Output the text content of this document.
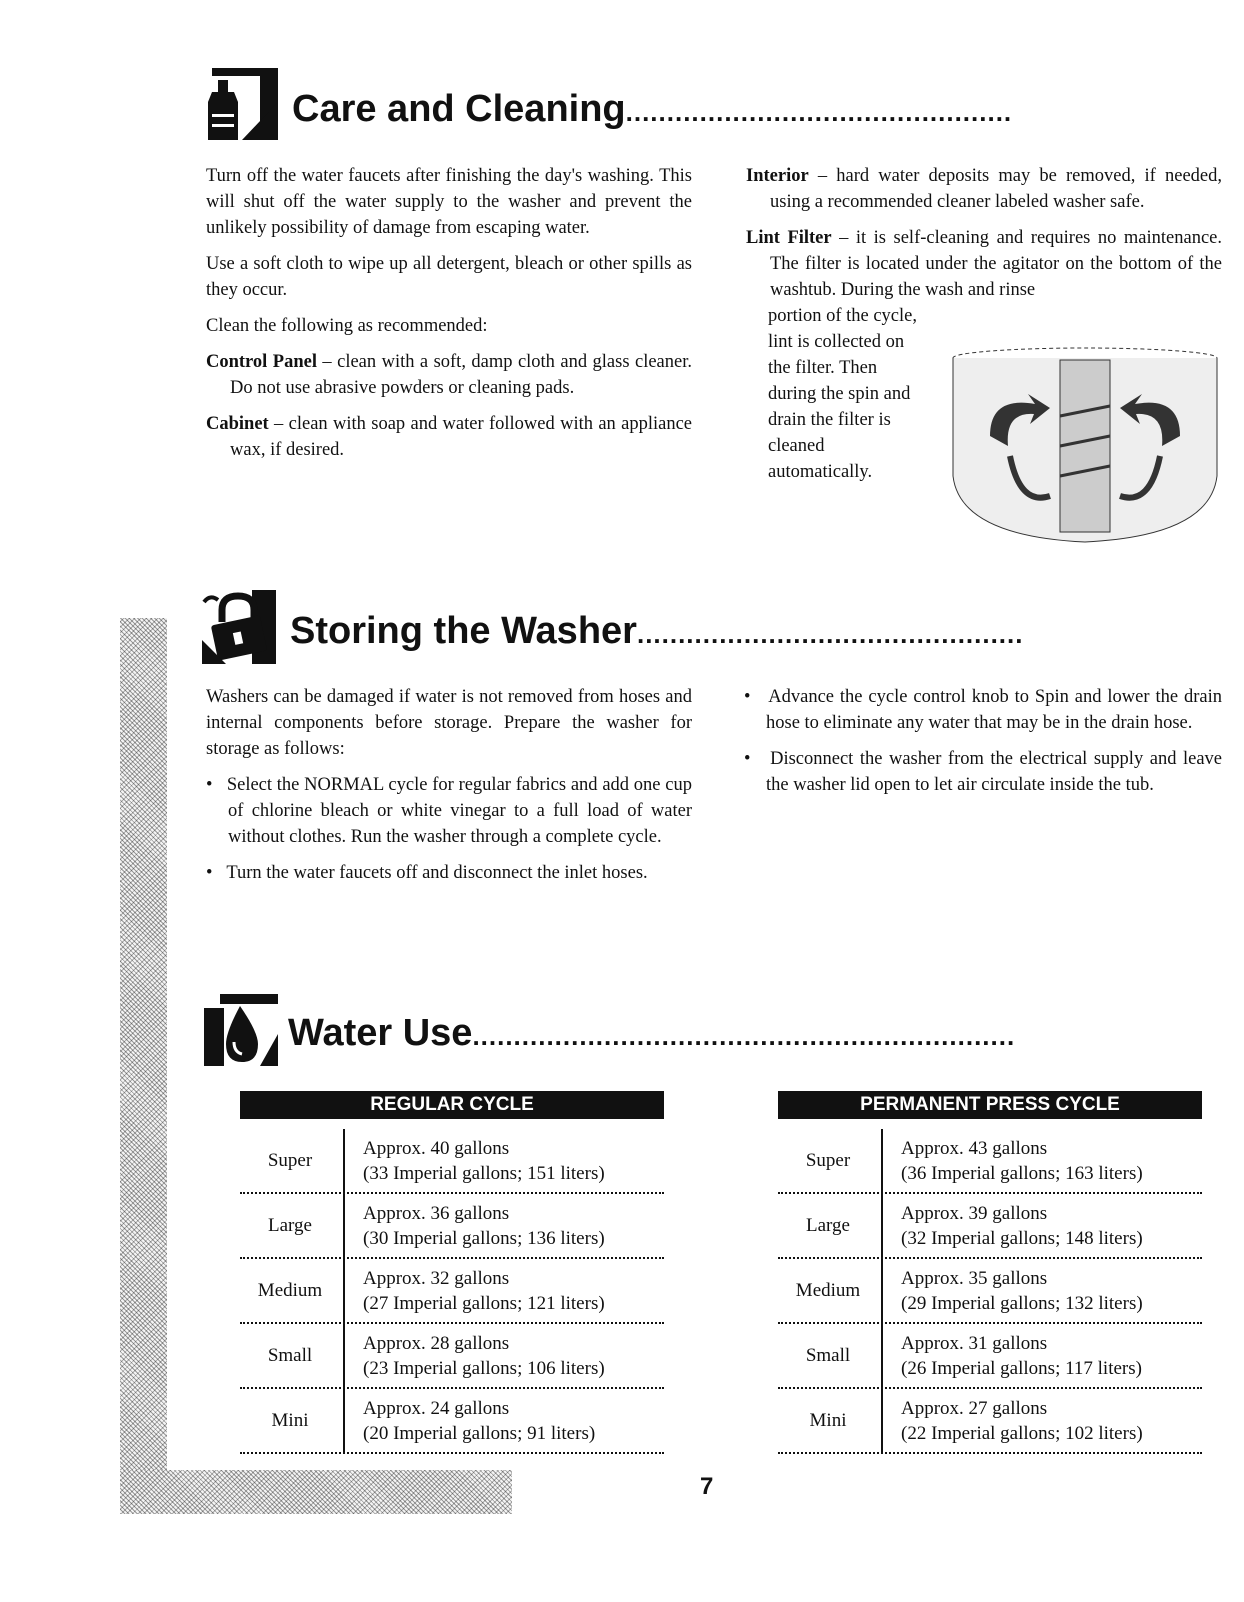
Care and Cleaning...............................................

Turn off the water faucets after finishing the day's washing. This will shut off the water supply to the washer and prevent the unlikely possibility of damage from escaping water.

Use a soft cloth to wipe up all detergent, bleach or other spills as they occur.

Clean the following as recommended:

Control Panel – clean with a soft, damp cloth and glass cleaner. Do not use abrasive powders or cleaning pads.

Cabinet – clean with soap and water followed with an appliance wax, if desired.

Interior – hard water deposits may be removed, if needed, using a recommended cleaner labeled washer safe.

Lint Filter – it is self-cleaning and requires no maintenance. The filter is located under the agitator on the bottom of the washtub. During the wash and rinse

portion of the cycle, lint is collected on the filter. Then during the spin and drain the filter is cleaned automatically.

Storing the Washer...............................................

Washers can be damaged if water is not removed from hoses and internal components before storage. Prepare the washer for storage as follows:

•   Select the NORMAL cycle for regular fabrics and add one cup of chlorine bleach or white vinegar to a full load of water without clothes. Run the washer through a complete cycle.

•   Turn the water faucets off and disconnect the inlet hoses.

•   Advance the cycle control knob to Spin and lower the drain hose to eliminate any water that may be in the drain hose.

•   Disconnect the washer from the electrical supply and leave the washer lid open to let air circulate inside the tub.

Water Use..................................................................
REGULAR CYCLE
Super
Approx. 40 gallons
(33 Imperial gallons; 151 liters)
Large
Approx. 36 gallons
(30 Imperial gallons; 136 liters)
Medium
Approx. 32 gallons
(27 Imperial gallons; 121 liters)
Small
Approx. 28 gallons
(23 Imperial gallons; 106 liters)
Mini
Approx. 24 gallons
(20 Imperial gallons; 91 liters)
PERMANENT PRESS CYCLE
Super
Approx. 43 gallons
(36 Imperial gallons; 163 liters)
Large
Approx. 39 gallons
(32 Imperial gallons; 148 liters)
Medium
Approx. 35 gallons
(29 Imperial gallons; 132 liters)
Small
Approx. 31 gallons
(26 Imperial gallons; 117 liters)
Mini
Approx. 27 gallons
(22 Imperial gallons; 102 liters)
7
